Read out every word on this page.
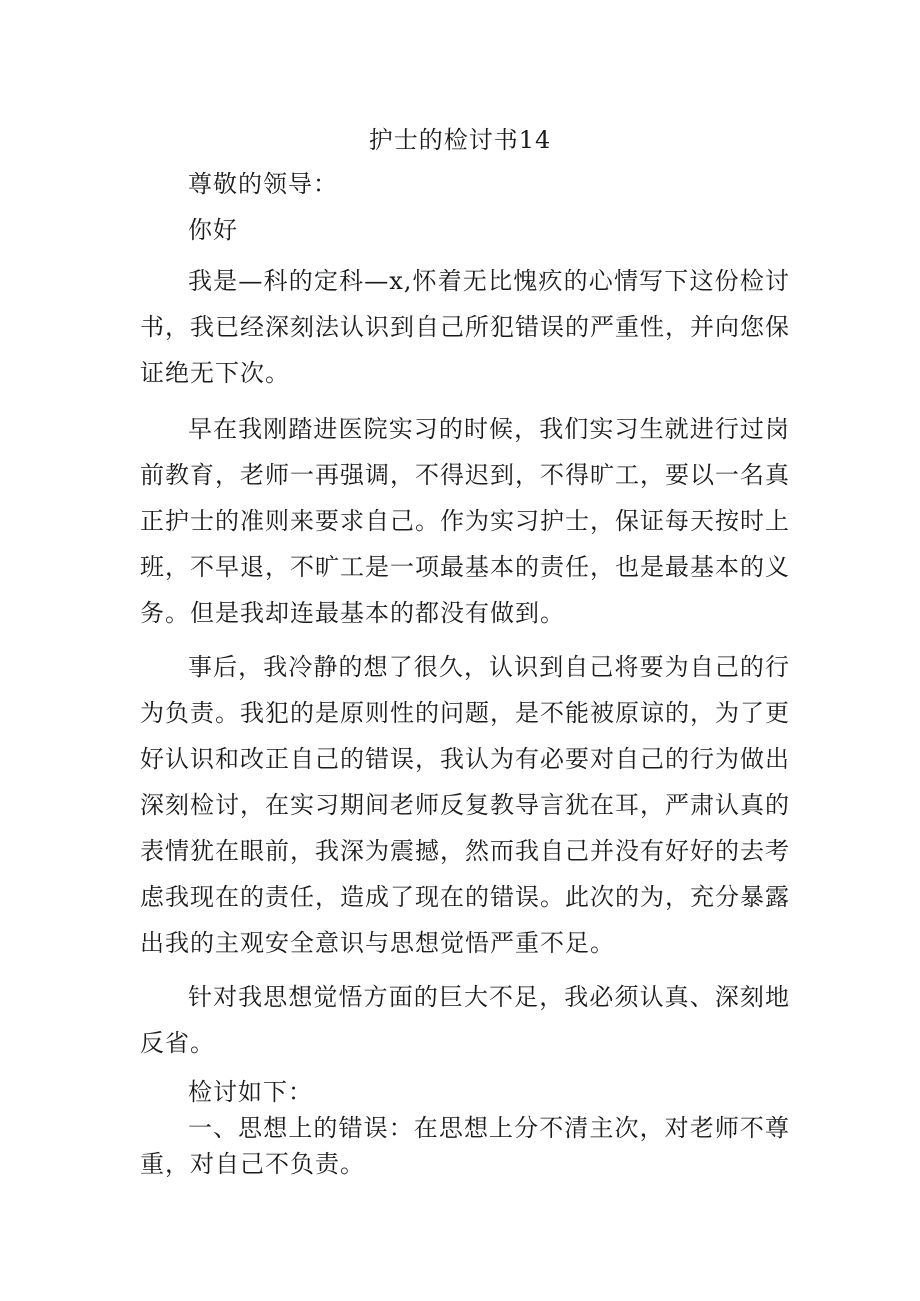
护士的检讨书14
尊敬的领导：
你好

我是—科的定科—x,怀着无比愧疚的心情写下这份检讨书，我已经深刻法认识到自己所犯错误的严重性，并向您保证绝无下次。

早在我刚踏进医院实习的时候，我们实习生就进行过岗前教育，老师一再强调，不得迟到，不得旷工，要以一名真正护士的准则来要求自己。作为实习护士，保证每天按时上班，不早退，不旷工是一项最基本的责任，也是最基本的义务。但是我却连最基本的都没有做到。

事后，我冷静的想了很久，认识到自己将要为自己的行为负责。我犯的是原则性的问题，是不能被原谅的，为了更好认识和改正自己的错误，我认为有必要对自己的行为做出深刻检讨，在实习期间老师反复教导言犹在耳，严肃认真的表情犹在眼前，我深为震撼，然而我自己并没有好好的去考虑我现在的责任，造成了现在的错误。此次的为，充分暴露出我的主观安全意识与思想觉悟严重不足。

针对我思想觉悟方面的巨大不足，我必须认真、深刻地反省。

检讨如下：

一、思想上的错误：在思想上分不清主次，对老师不尊重，对自己不负责。
